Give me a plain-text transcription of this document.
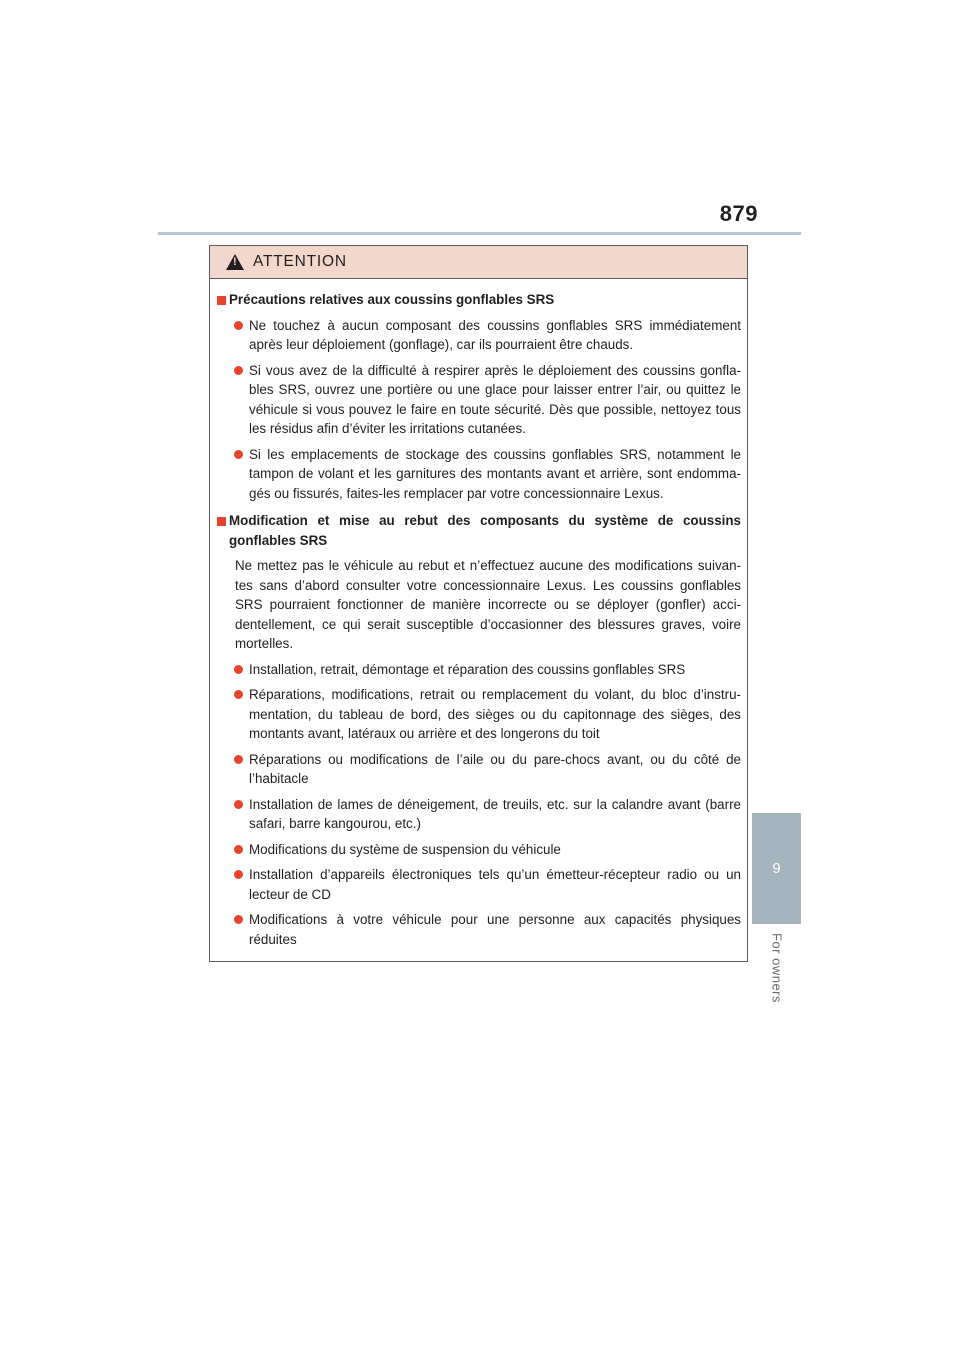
879
9
For owners
!
ATTENTION
Précautions relatives aux coussins gonflables SRS
Ne touchez à aucun composant des coussins gonflables SRS immédiatement après leur déploiement (gonflage), car ils pourraient être chauds.
Si vous avez de la difficulté à respirer après le déploiement des coussins gonfla-bles SRS, ouvrez une portière ou une glace pour laisser entrer l’air, ou quittez le véhicule si vous pouvez le faire en toute sécurité. Dès que possible, nettoyez tous les résidus afin d’éviter les irritations cutanées.
Si les emplacements de stockage des coussins gonflables SRS, notamment le tampon de volant et les garnitures des montants avant et arrière, sont endomma-gés ou fissurés, faites-les remplacer par votre concessionnaire Lexus.
Modification et mise au rebut des composants du système de coussins gonflables SRS
Ne mettez pas le véhicule au rebut et n’effectuez aucune des modifications suivan-tes sans d’abord consulter votre concessionnaire Lexus. Les coussins gonflables SRS pourraient fonctionner de manière incorrecte ou se déployer (gonfler) acci-dentellement, ce qui serait susceptible d’occasionner des blessures graves, voire mortelles.
Installation, retrait, démontage et réparation des coussins gonflables SRS
Réparations, modifications, retrait ou remplacement du volant, du bloc d’instru-mentation, du tableau de bord, des sièges ou du capitonnage des sièges, des montants avant, latéraux ou arrière et des longerons du toit
Réparations ou modifications de l’aile ou du pare-chocs avant, ou du côté de l’habitacle
Installation de lames de déneigement, de treuils, etc. sur la calandre avant (barre safari, barre kangourou, etc.)
Modifications du système de suspension du véhicule
Installation d’appareils électroniques tels qu’un émetteur-récepteur radio ou un lecteur de CD
Modifications à votre véhicule pour une personne aux capacités physiques réduites
